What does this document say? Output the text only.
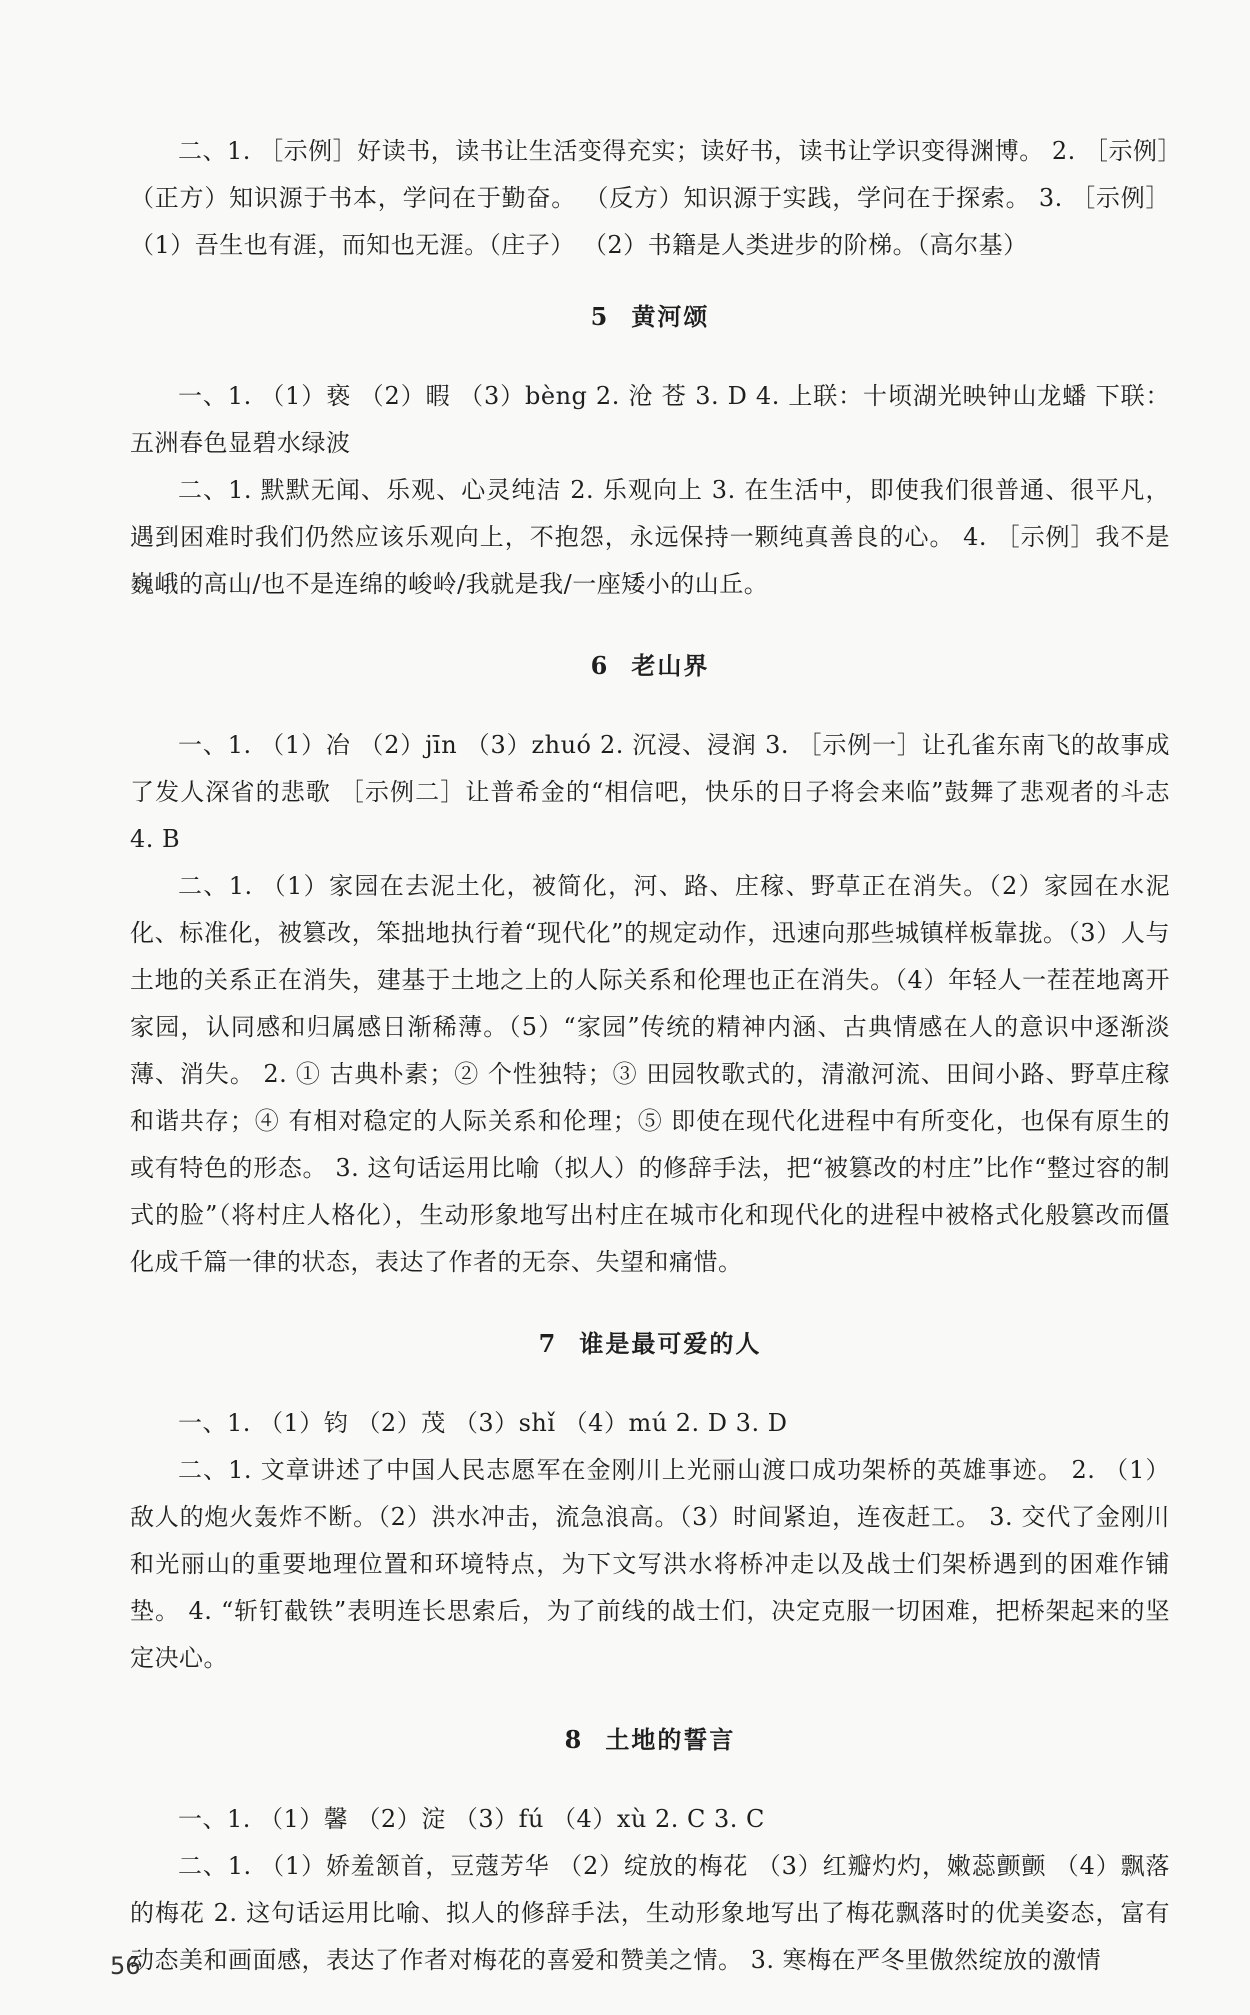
二、1. ［示例］好读书，读书让生活变得充实；读好书，读书让学识变得渊博。 2. ［示例］（正方）知识源于书本，学问在于勤奋。 （反方）知识源于实践，学问在于探索。 3. ［示例］（1）吾生也有涯，而知也无涯。（庄子） （2）书籍是人类进步的阶梯。（高尔基）

5 黄河颂

一、1. （1）亵 （2）暇 （3）bèng 2. 沧 苍 3. D 4. 上联：十顷湖光映钟山龙蟠 下联：五洲春色显碧水绿波

二、1. 默默无闻、乐观、心灵纯洁 2. 乐观向上 3. 在生活中，即使我们很普通、很平凡，遇到困难时我们仍然应该乐观向上，不抱怨，永远保持一颗纯真善良的心。 4. ［示例］我不是巍峨的高山/也不是连绵的峻岭/我就是我/一座矮小的山丘。

6 老山界

一、1. （1）冶 （2）jīn （3）zhuó 2. 沉浸、浸润 3. ［示例一］让孔雀东南飞的故事成了发人深省的悲歌 ［示例二］让普希金的“相信吧，快乐的日子将会来临”鼓舞了悲观者的斗志 4. B

二、1. （1）家园在去泥土化，被简化，河、路、庄稼、野草正在消失。（2）家园在水泥化、标准化，被篡改，笨拙地执行着“现代化”的规定动作，迅速向那些城镇样板靠拢。（3）人与土地的关系正在消失，建基于土地之上的人际关系和伦理也正在消失。（4）年轻人一茬茬地离开家园，认同感和归属感日渐稀薄。（5）“家园”传统的精神内涵、古典情感在人的意识中逐渐淡薄、消失。 2. ① 古典朴素；② 个性独特；③ 田园牧歌式的，清澈河流、田间小路、野草庄稼和谐共存；④ 有相对稳定的人际关系和伦理；⑤ 即使在现代化进程中有所变化，也保有原生的或有特色的形态。 3. 这句话运用比喻（拟人）的修辞手法，把“被篡改的村庄”比作“整过容的制式的脸”（将村庄人格化），生动形象地写出村庄在城市化和现代化的进程中被格式化般篡改而僵化成千篇一律的状态，表达了作者的无奈、失望和痛惜。

7 谁是最可爱的人

一、1. （1）钧 （2）茂 （3）shǐ （4）mú 2. D 3. D

二、1. 文章讲述了中国人民志愿军在金刚川上光丽山渡口成功架桥的英雄事迹。 2. （1）敌人的炮火轰炸不断。（2）洪水冲击，流急浪高。（3）时间紧迫，连夜赶工。 3. 交代了金刚川和光丽山的重要地理位置和环境特点，为下文写洪水将桥冲走以及战士们架桥遇到的困难作铺垫。 4. “斩钉截铁”表明连长思索后，为了前线的战士们，决定克服一切困难，把桥架起来的坚定决心。

8 土地的誓言

一、1. （1）馨 （2）淀 （3）fú （4）xù 2. C 3. C

二、1. （1）娇羞颔首，豆蔻芳华 （2）绽放的梅花 （3）红瓣灼灼，嫩蕊颤颤 （4）飘落的梅花 2. 这句话运用比喻、拟人的修辞手法，生动形象地写出了梅花飘落时的优美姿态，富有动态美和画面感，表达了作者对梅花的喜爱和赞美之情。 3. 寒梅在严冬里傲然绽放的激情

56
